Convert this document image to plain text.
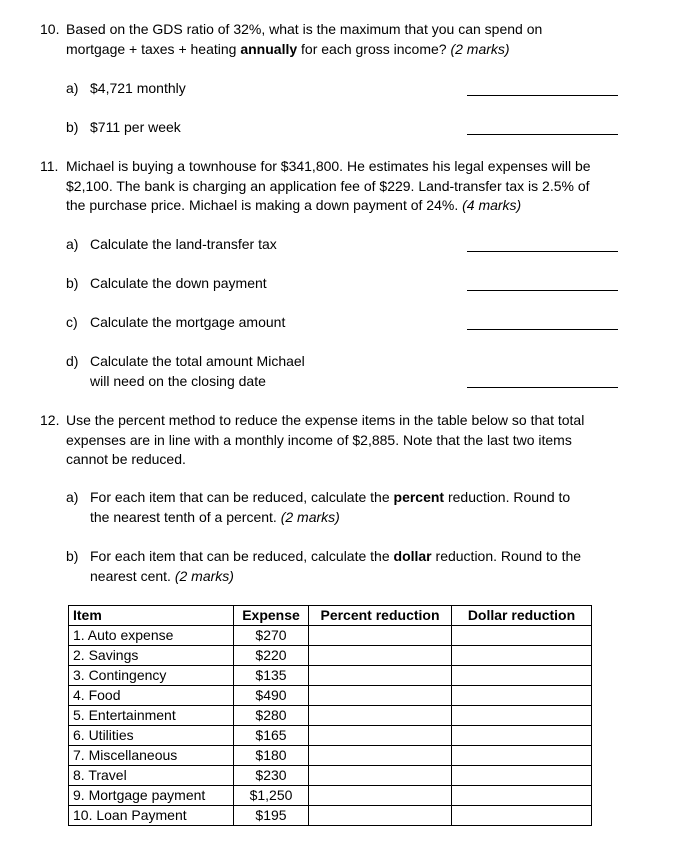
10. Based on the GDS ratio of 32%, what is the maximum that you can spend on
mortgage + taxes + heating annually for each gross income? (2 marks)
a) $4,721 monthly
b) $711 per week
11. Michael is buying a townhouse for $341,800. He estimates his legal expenses will be
$2,100. The bank is charging an application fee of $229. Land-transfer tax is 2.5% of
the purchase price. Michael is making a down payment of 24%. (4 marks)
a) Calculate the land-transfer tax
b) Calculate the down payment
c) Calculate the mortgage amount
d) Calculate the total amount Michael
will need on the closing date
12. Use the percent method to reduce the expense items in the table below so that total
expenses are in line with a monthly income of $2,885. Note that the last two items
cannot be reduced.
a) For each item that can be reduced, calculate the percent reduction. Round to
the nearest tenth of a percent. (2 marks)
b) For each item that can be reduced, calculate the dollar reduction. Round to the
nearest cent. (2 marks)
Item	Expense	Percent reduction	Dollar reduction
1. Auto expense	$270		
2. Savings	$220		
3. Contingency	$135		
4. Food	$490		
5. Entertainment	$280		
6. Utilities	$165		
7. Miscellaneous	$180		
8. Travel	$230		
9. Mortgage payment	$1,250		
10. Loan Payment	$195		
